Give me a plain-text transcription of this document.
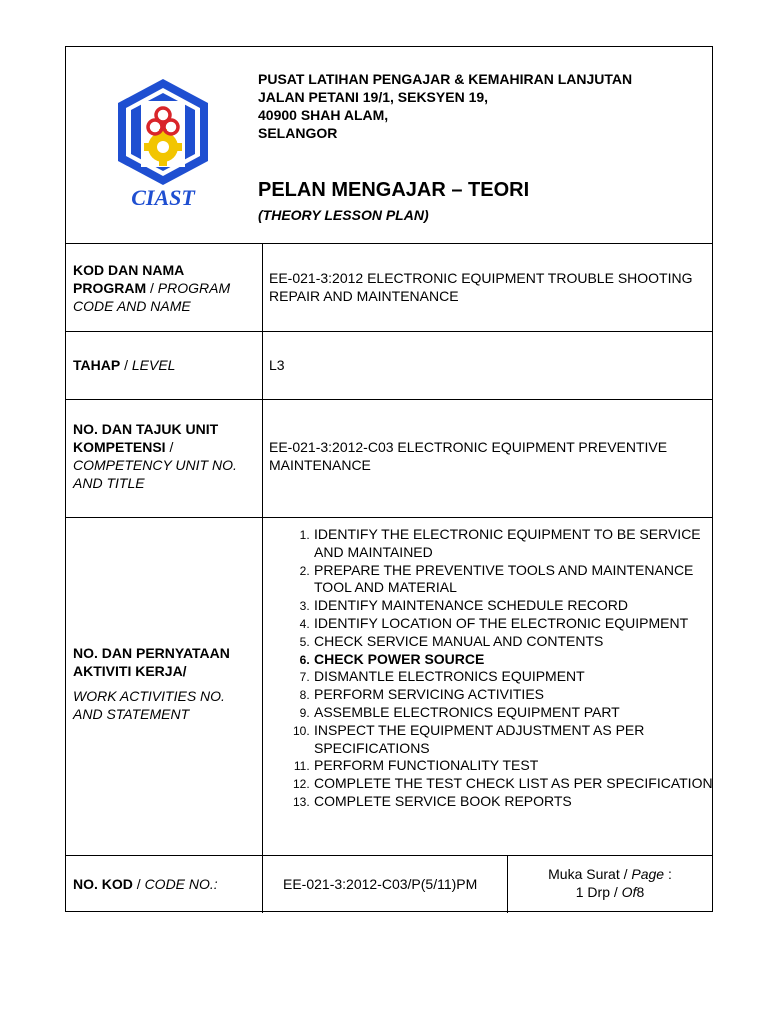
CIAST
PUSAT LATIHAN PENGAJAR & KEMAHIRAN LANJUTAN
JALAN PETANI 19/1, SEKSYEN 19,
40900 SHAH ALAM,
SELANGOR
PELAN MENGAJAR – TEORI
(THEORY LESSON PLAN)
KOD DAN NAMA PROGRAM / PROGRAM CODE AND NAME
EE-021-3:2012 ELECTRONIC EQUIPMENT TROUBLE SHOOTING REPAIR AND MAINTENANCE
TAHAP / LEVEL	L3
NO. DAN TAJUK UNIT KOMPETENSI / COMPETENCY UNIT NO. AND TITLE
EE-021-3:2012-C03 ELECTRONIC EQUIPMENT PREVENTIVE MAINTENANCE
NO. DAN PERNYATAAN AKTIVITI KERJA/
WORK ACTIVITIES NO. AND STATEMENT
1. IDENTIFY THE ELECTRONIC EQUIPMENT TO BE SERVICE AND MAINTAINED
2. PREPARE THE PREVENTIVE TOOLS AND MAINTENANCE TOOL AND MATERIAL
3. IDENTIFY MAINTENANCE SCHEDULE RECORD
4. IDENTIFY LOCATION OF THE ELECTRONIC EQUIPMENT
5. CHECK SERVICE MANUAL AND CONTENTS
6. CHECK POWER SOURCE
7. DISMANTLE ELECTRONICS EQUIPMENT
8. PERFORM SERVICING ACTIVITIES
9. ASSEMBLE ELECTRONICS EQUIPMENT PART
10. INSPECT THE EQUIPMENT ADJUSTMENT AS PER SPECIFICATIONS
11. PERFORM FUNCTIONALITY TEST
12. COMPLETE THE TEST CHECK LIST AS PER SPECIFICATION
13. COMPLETE SERVICE BOOK REPORTS
NO. KOD / CODE NO.:	EE-021-3:2012-C03/P(5/11)PM
Muka Surat / Page :
1 Drp / Of8
